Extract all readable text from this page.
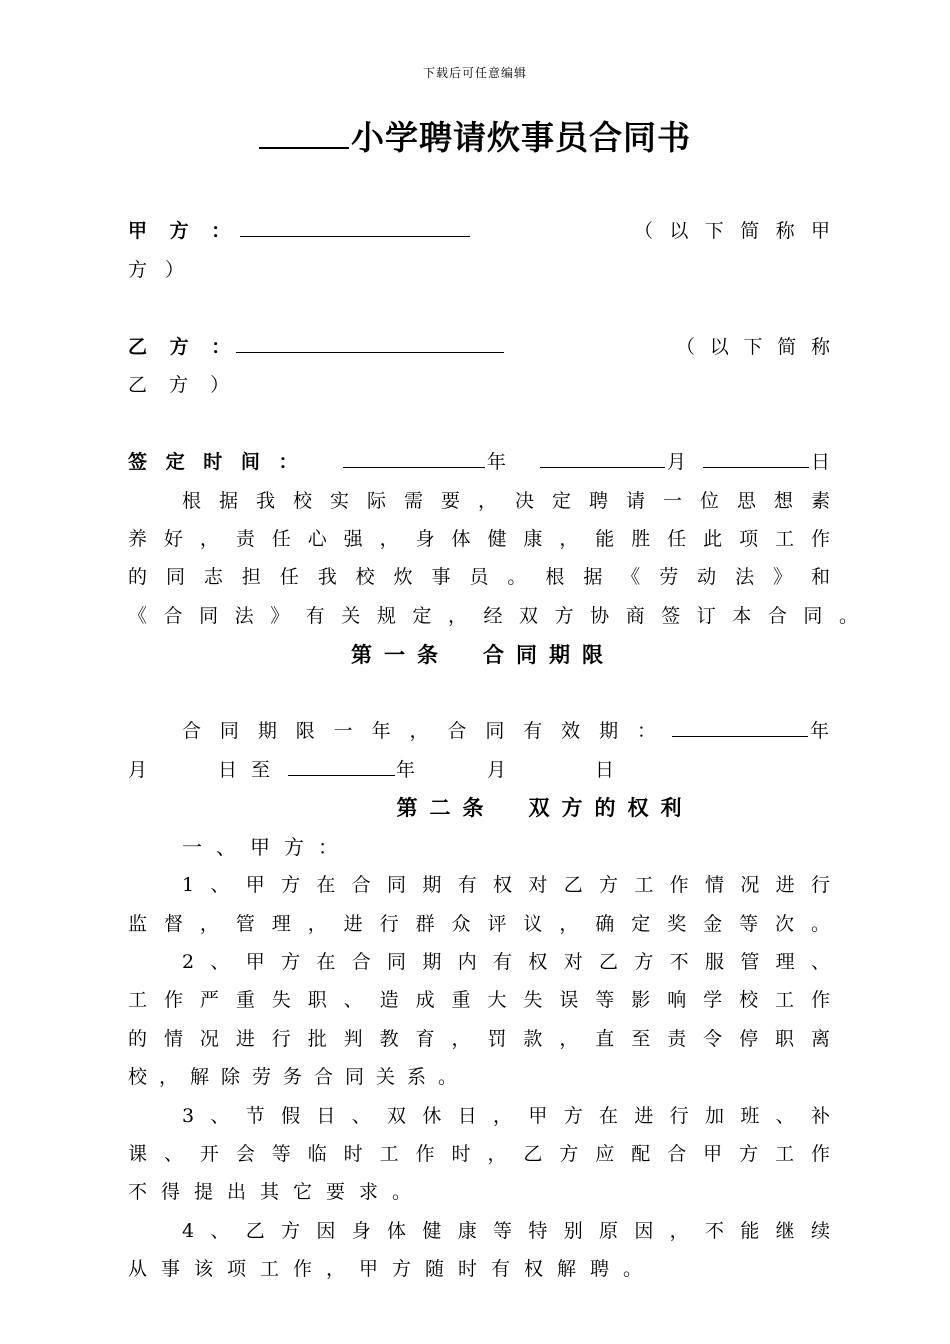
下载后可任意编辑
小学聘请炊事员合同书
甲 方 ：	（ 以 下 简 称 甲
方 ）
乙 方 ：	（ 以 下 简 称
乙 方 ）
签 定 时 间 ：	年	月	日
根据我校实际需要，决定聘请一位思想素
养好，责任心强，身体健康，能胜任此项工作
的同志担任我校炊事员。根据《劳动法》和
《合同法》有关规定，经双方协商签订本合同。
第一条　合同期限
合同期限一年，合同有效期：	年
月	日至	年	月	日
第二条　双方的权利
一、甲方：
1、甲方在合同期有权对乙方工作情况进行
监督，管理，进行群众评议，确定奖金等次。
2、甲方在合同期内有权对乙方不服管理、
工作严重失职、造成重大失误等影响学校工作
的情况进行批判教育，罚款，直至责令停职离
校，解除劳务合同关系。
3、节假日、双休日，甲方在进行加班、补
课、开会等临时工作时，乙方应配合甲方工作
不得提出其它要求。
4、乙方因身体健康等特别原因，不能继续
从事该项工作，甲方随时有权解聘。
